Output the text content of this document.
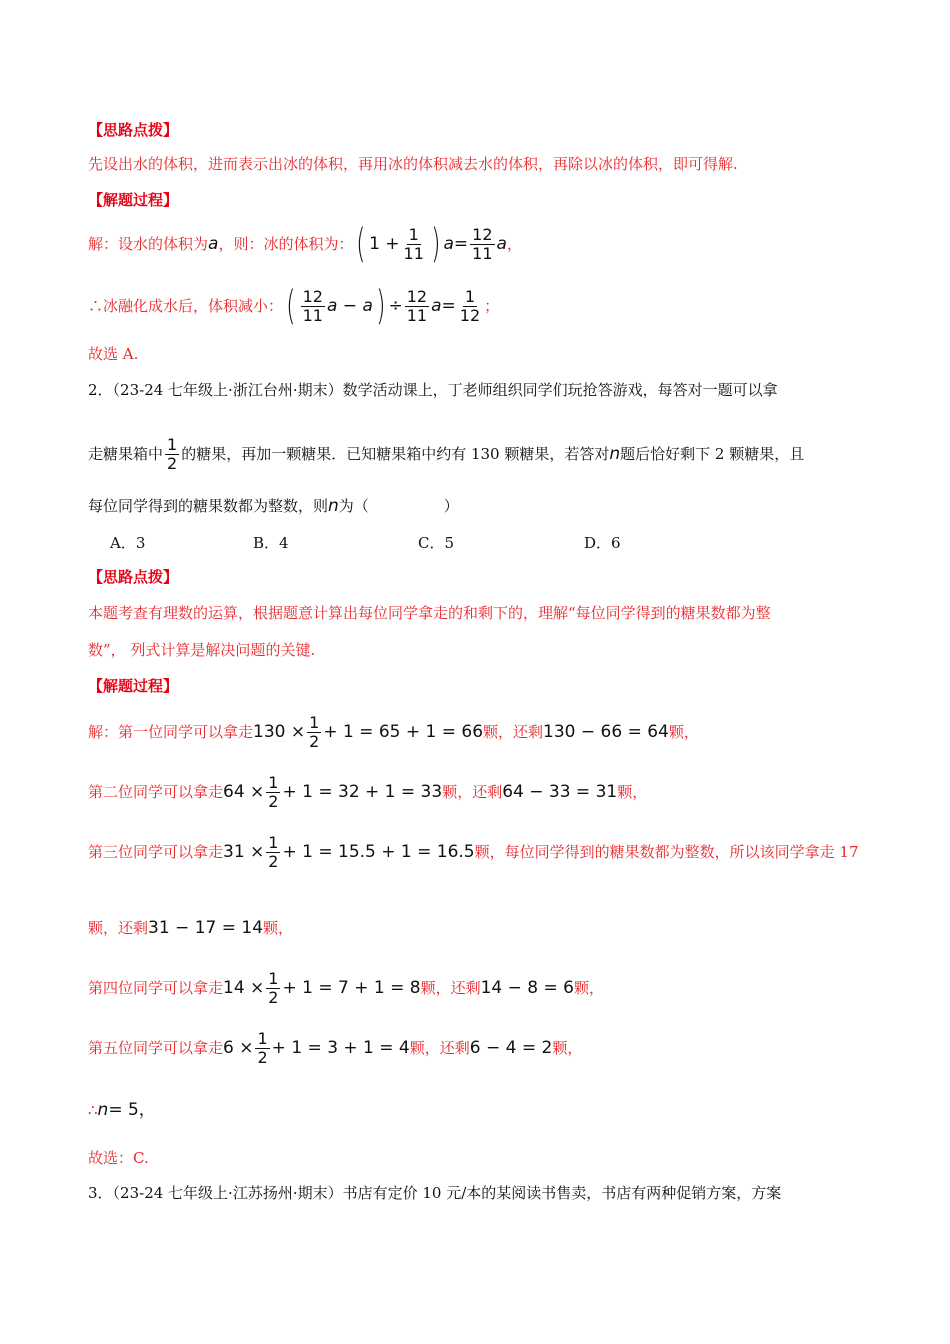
【思路点拨】
先设出水的体积，进而表示出冰的体积，再用冰的体积减去水的体积，再除以冰的体积，即可得解.
【解题过程】
解：设水的体积为 a ，则：冰的体积为： ( $1 + \frac{1}{11}$ ) $a = \frac{12}{11}$ a ，
∴冰融化成水后，体积减小： ( $\frac{12}{11}$ a − a ) ÷ $\frac{12}{11}$ $a = \frac{1}{12}$ ；
故选 A.
2．（23-24 七年级上·浙江台州·期末）数学活动课上，丁老师组织同学们玩抢答游戏，每答对一题可以拿
走糖果箱中 $\frac{1}{2}$ 的糖果，再加一颗糖果．已知糖果箱中约有 130 颗糖果，若答对 n 题后恰好剩下 2 颗糖果，且
每位同学得到的糖果数都为整数，则n为（　　　　　）
A．3	B．4	C．5	D．6
【思路点拨】
本题考查有理数的运算，根据题意计算出每位同学拿走的和剩下的，理解“每位同学得到的糖果数都为整
数”， 列式计算是解决问题的关键.
【解题过程】
解：第一位同学可以拿走 $130 \times \frac{1}{2} + 1 = 65 + 1 = 66$ 颗，还剩 130 − 66 = 64 颗，
第二位同学可以拿走 $64 \times \frac{1}{2} + 1 = 32 + 1 = 33$ 颗，还剩 64 − 33 = 31 颗，
第三位同学可以拿走 $31 \times \frac{1}{2} + 1 = 15.5 + 1 = 16.5$ 颗，每位同学得到的糖果数都为整数，所以该同学拿走 17
颗，还剩 31 − 17 = 14 颗，
第四位同学可以拿走 $14 \times \frac{1}{2} + 1 = 7 + 1 = 8$ 颗，还剩 14 − 8 = 6 颗，
第五位同学可以拿走 $6 \times \frac{1}{2} + 1 = 3 + 1 = 4$ 颗，还剩 6 − 4 = 2 颗，
∴ n = 5，
故选：C.
3．（23-24 七年级上·江苏扬州·期末）书店有定价 10 元/本的某阅读书售卖，书店有两种促销方案，方案
